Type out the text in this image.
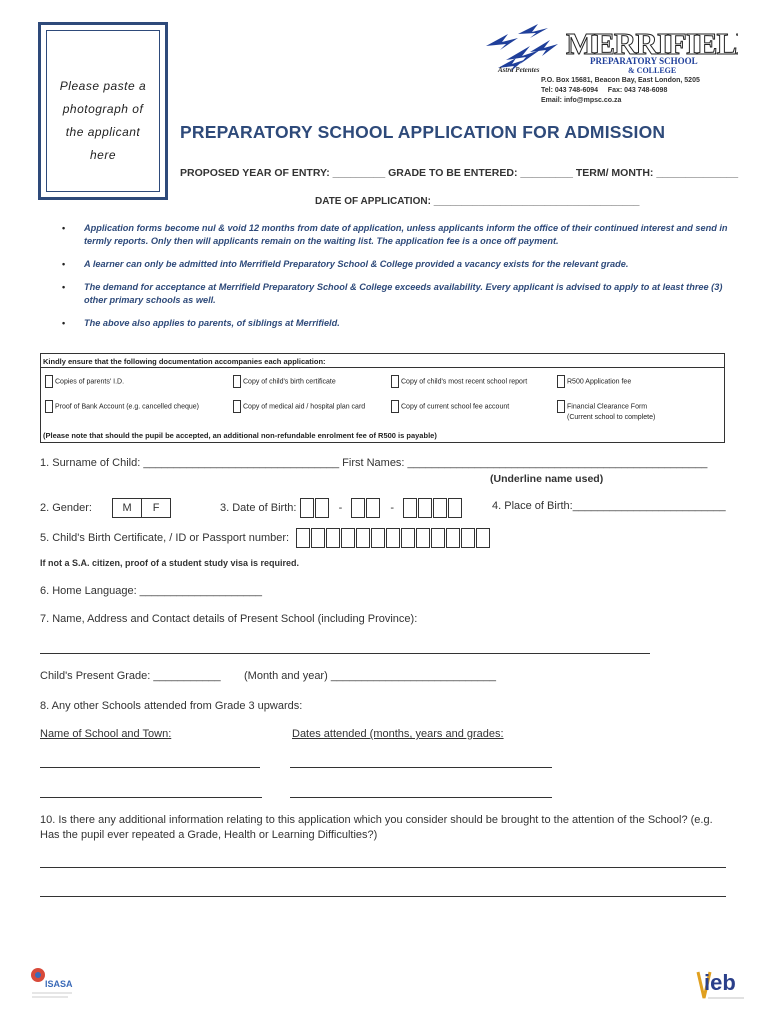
Please paste a
photograph of
the applicant
here
MERRIFIEL
PREPARATORY SCHOOL
& COLLEGE
Astra Petentes
P.O. Box 15681, Beacon Bay, East London, 5205
Tel: 043 748-6094     Fax: 043 748-6098
Email: info@mpsc.co.za
PREPARATORY SCHOOL APPLICATION FOR ADMISSION
PROPOSED YEAR OF ENTRY: _________ GRADE TO BE ENTERED: _________ TERM/ MONTH: ______________
DATE OF APPLICATION: _____________________________________
• Application forms become nul & void 12 months from date of application, unless applicants inform the office of their continued interest and send in termly reports. Only then will applicants remain on the waiting list. The application fee is a once off payment.
• A learner can only be admitted into Merrifield Preparatory School & College provided a vacancy exists for the relevant grade.
• The demand for acceptance at Merrifield Preparatory School & College exceeds availability. Every applicant is advised to apply to at least three (3) other primary schools as well.
• The above also applies to parents, of siblings at Merrifield.
Kindly ensure that the following documentation accompanies each application:
Copies of parents' I.D.	Copy of child's birth certificate	Copy of child's most recent school report	R500 Application fee
Proof of Bank Account (e.g. cancelled cheque)	Copy of medical aid / hospital plan card	Copy of current school fee account	Financial Clearance Form
(Current school to complete)
(Please note that should the pupil be accepted, an additional non-refundable enrolment fee of R500 is payable)
1. Surname of Child: ________________________________ First Names: _________________________________________________
(Underline name used)
2. Gender:	M F	3. Date of Birth:	-	-	4. Place of Birth:_________________________
5. Child's Birth Certificate, / ID or Passport number:
If not a S.A. citizen, proof of a student study visa is required.
6. Home Language: ____________________
7. Name, Address and Contact details of Present School (including Province):
Child's Present Grade: ___________ (Month and year) ___________________________
8. Any other Schools attended from Grade 3 upwards:
Name of School and Town:	Dates attended (months, years and grades:
10. Is there any additional information relating to this application which you consider should be brought to the attention of the School? (e.g. Has the pupil ever repeated a Grade, Health or Learning Difficulties?)
ISASA	ieb
